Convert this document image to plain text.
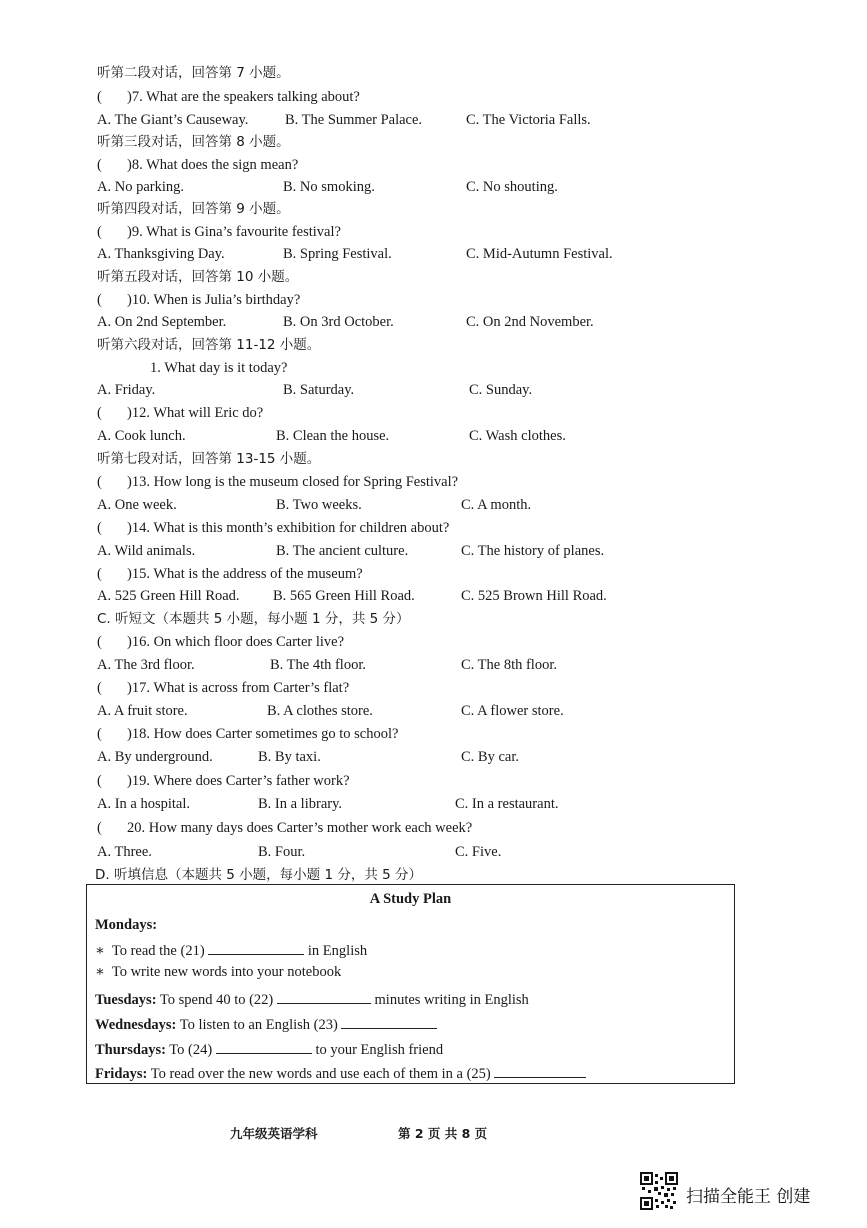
听第二段对话，回答第 7 小题。
( )7. What are the speakers talking about?
A. The Giant’s Causeway.	B. The Summer Palace.	C. The Victoria Falls.
听第三段对话，回答第 8 小题。
( )8. What does the sign mean?
A. No parking.	B. No smoking.	C. No shouting.
听第四段对话，回答第 9 小题。
( )9. What is Gina’s favourite festival?
A. Thanksgiving Day.	B. Spring Festival.	C. Mid-Autumn Festival.
听第五段对话，回答第 10 小题。
( )10. When is Julia’s birthday?
A. On 2nd September.	B. On 3rd October.	C. On 2nd November.
听第六段对话，回答第 11-12 小题。
1. What day is it today?
A. Friday.	B. Saturday.	C. Sunday.
( )12. What will Eric do?
A. Cook lunch.	B. Clean the house.	C. Wash clothes.
听第七段对话，回答第 13-15 小题。
( )13. How long is the museum closed for Spring Festival?
A. One week.	B. Two weeks.	C. A month.
( )14. What is this month’s exhibition for children about?
A. Wild animals.	B. The ancient culture.	C. The history of planes.
( )15. What is the address of the museum?
A. 525 Green Hill Road. B. 565 Green Hill Road.	C. 525 Brown Hill Road.
C. 听短文（本题共 5 小题，每小题 1 分，共 5 分）
( )16. On which floor does Carter live?
A. The 3rd floor.	B. The 4th floor.	C. The 8th floor.
( )17. What is across from Carter’s flat?
A. A fruit store.	B. A clothes store.	C. A flower store.
( )18. How does Carter sometimes go to school?
A. By underground.	B. By taxi.	C. By car.
( )19. Where does Carter’s father work?
A. In a hospital.	B. In a library.	C. In a restaurant.
( 20. How many days does Carter’s mother work each week?
A. Three.	B. Four.	C. Five.
D. 听填信息（本题共 5 小题，每小题 1 分，共 5 分）
A Study Plan
Mondays:
∗ To read the (21)	in English
∗ To write new words into your notebook
Tuesdays: To spend 40 to (22)	minutes writing in English
Wednesdays: To listen to an English (23)
Thursdays: To (24)	to your English friend
Fridays: To read over the new words and use each of them in a (25)
九年级英语学科	第 2 页 共 8 页
扫描全能王 创建
